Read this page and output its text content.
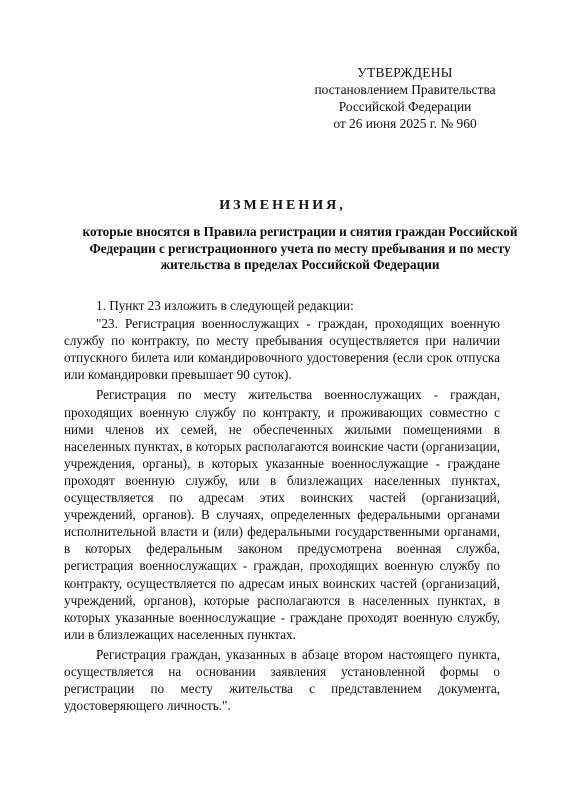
УТВЕРЖДЕНЫ
постановлением Правительства
Российской Федерации
от 26 июня 2025 г. № 960
ИЗМЕНЕНИЯ,
которые вносятся в Правила регистрации и снятия граждан Российской Федерации с регистрационного учета по месту пребывания и по месту жительства в пределах Российской Федерации

1. Пункт 23 изложить в следующей редакции:

"23. Регистрация военнослужащих - граждан, проходящих военную службу по контракту, по месту пребывания осуществляется при наличии отпускного билета или командировочного удостоверения (если срок отпуска или командировки превышает 90 суток).

Регистрация по месту жительства военнослужащих - граждан, проходящих военную службу по контракту, и проживающих совместно с ними членов их семей, не обеспеченных жилыми помещениями в населенных пунктах, в которых располагаются воинские части (организации, учреждения, органы), в которых указанные военнослужащие - граждане проходят военную службу, или в близлежащих населенных пунктах, осуществляется по адресам этих воинских частей (организаций, учреждений, органов). В случаях, определенных федеральными органами исполнительной власти и (или) федеральными государственными органами, в которых федеральным законом предусмотрена военная служба, регистрация военнослужащих - граждан, проходящих военную службу по контракту, осуществляется по адресам иных воинских частей (организаций, учреждений, органов), которые располагаются в населенных пунктах, в которых указанные военнослужащие - граждане проходят военную службу, или в близлежащих населенных пунктах.

Регистрация граждан, указанных в абзаце втором настоящего пункта, осуществляется на основании заявления установленной формы о регистрации по месту жительства с представлением документа, удостоверяющего личность.".
